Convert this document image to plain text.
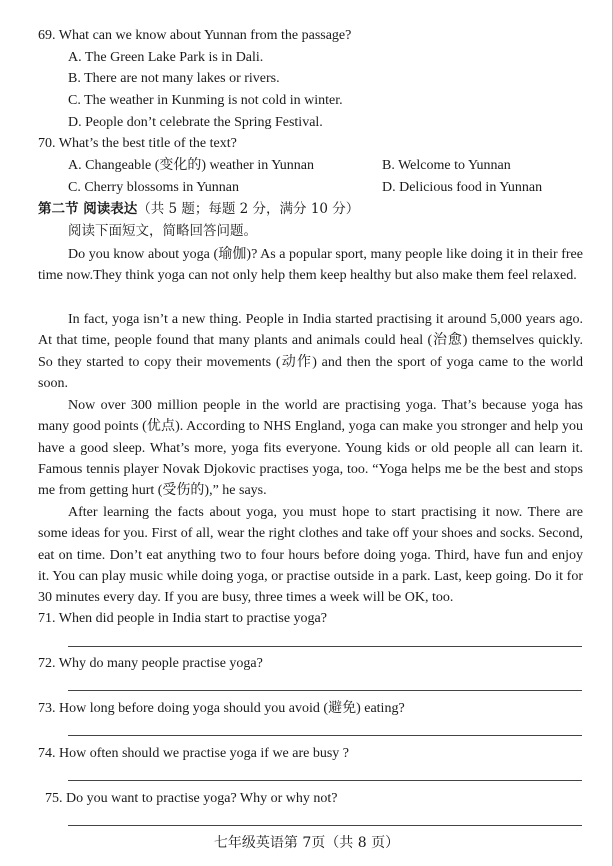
69. What can we know about Yunnan from the passage?
A. The Green Lake Park is in Dali.
B. There are not many lakes or rivers.
C. The weather in Kunming is not cold in winter.
D. People don’t celebrate the Spring Festival.
70. What’s the best title of the text?
A. Changeable (变化的) weather in Yunnan	B. Welcome to Yunnan
C. Cherry blossoms in Yunnan	D. Delicious food in Yunnan
第二节 阅读表达（共 5 题；每题 2 分，满分 10 分）
阅读下面短文，简略回答问题。

Do you know about yoga (瑜伽)? As a popular sport, many people like doing it in their free time now.They think yoga can not only help them keep healthy but also make them feel relaxed.

In fact, yoga isn’t a new thing. People in India started practising it around 5,000 years ago. At that time, people found that many plants and animals could heal (治愈) themselves quickly. So they started to copy their movements (动作) and then the sport of yoga came to the world soon.

Now over 300 million people in the world are practising yoga. That’s because yoga has many good points (优点). According to NHS England, yoga can make you stronger and help you have a good sleep. What’s more, yoga fits everyone. Young kids or old people all can learn it. Famous tennis player Novak Djokovic practises yoga, too. “Yoga helps me be the best and stops me from getting hurt (受伤的),” he says.

After learning the facts about yoga, you must hope to start practising it now. There are some ideas for you. First of all, wear the right clothes and take off your shoes and socks. Second, eat on time. Don’t eat anything two to four hours before doing yoga. Third, have fun and enjoy it. You can play music while doing yoga, or practise outside in a park. Last, keep going. Do it for 30 minutes every day. If you are busy, three times a week will be OK, too.

71. When did people in India start to practise yoga?
72. Why do many people practise yoga?
73. How long before doing yoga should you avoid (避免) eating?
74. How often should we practise yoga if we are busy ?
75. Do you want to practise yoga? Why or why not?
七年级英语第 7页（共 8 页）
